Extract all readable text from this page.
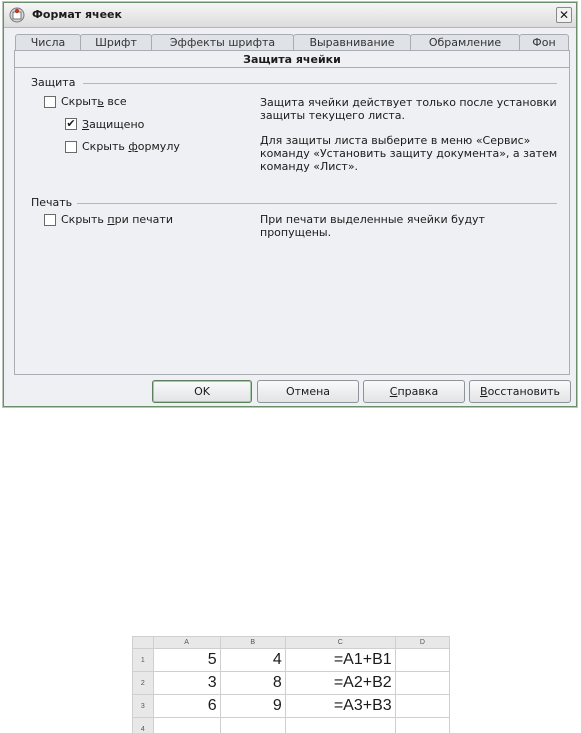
Формат ячеек	✕
Числа	Шрифт	Эффекты шрифта	Выравнивание	Обрамление	Фон
Защита ячейки
Защита
Скрыть все
✔ Защищено
Скрыть формулу
Защита ячейки действует только после установки защиты текущего листа.
Для защиты листа выберите в меню «Сервис» команду «Установить защиту документа», а затем команду «Лист».
Печать
Скрыть при печати	При печати выделенные ячейки будут пропущены.
OK	Отмена	Справка	Восстановить
	A	B	C	D
1	5	4	=A1+B1	
2	3	8	=A2+B2	
3	6	9	=A3+B3	
4				
